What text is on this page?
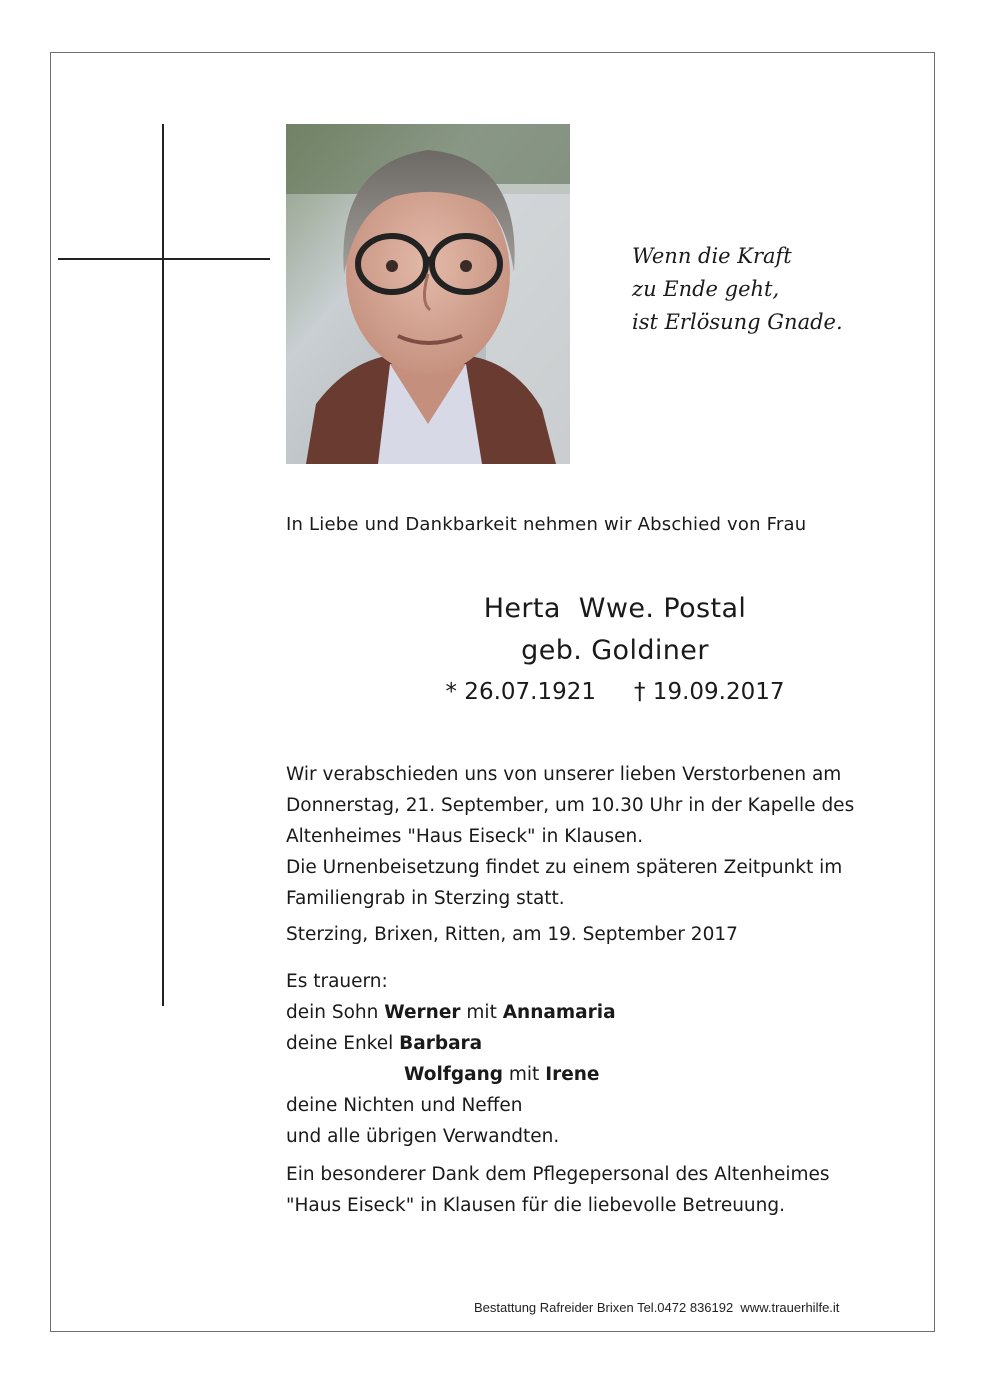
Wenn die Kraft
zu Ende geht,
ist Erlösung Gnade.
In Liebe und Dankbarkeit nehmen wir Abschied von Frau
Herta  Wwe. Postal
geb. Goldiner
* 26.07.1921 † 19.09.2017
Wir verabschieden uns von unserer lieben Verstorbenen am
Donnerstag, 21. September, um 10.30 Uhr in der Kapelle des
Altenheimes "Haus Eiseck" in Klausen.
Die Urnenbeisetzung findet zu einem späteren Zeitpunkt im
Familiengrab in Sterzing statt.
Sterzing, Brixen, Ritten, am 19. September 2017
Es trauern:
dein Sohn Werner mit Annamaria
deine Enkel Barbara
Wolfgang mit Irene
deine Nichten und Neffen
und alle übrigen Verwandten.
Ein besonderer Dank dem Pflegepersonal des Altenheimes
"Haus Eiseck" in Klausen für die liebevolle Betreuung.
Bestattung Rafreider Brixen Tel.0472 836192  www.trauerhilfe.it
